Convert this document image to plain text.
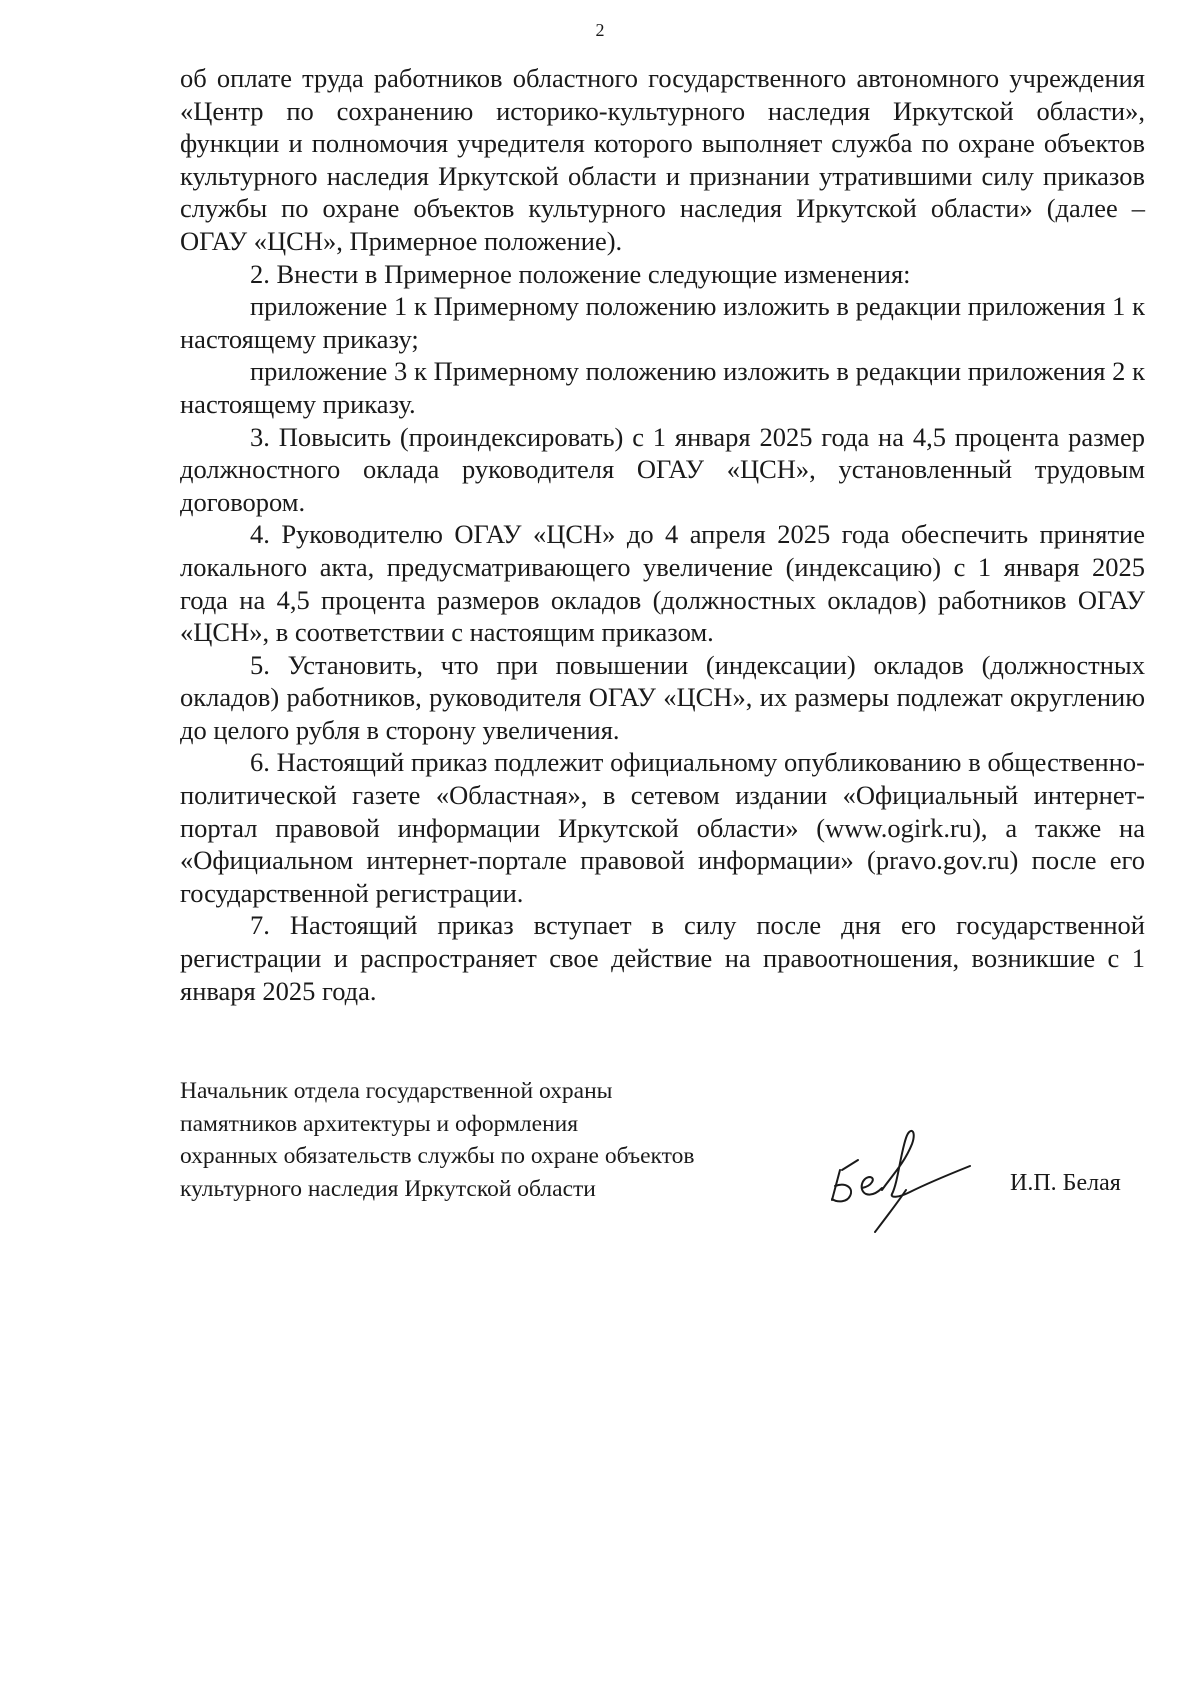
2

об оплате труда работников областного государственного автономного учреждения «Центр по сохранению историко-культурного наследия Иркутской области», функции и полномочия учредителя которого выполняет служба по охране объектов культурного наследия Иркутской области и признании утратившими силу приказов службы по охране объектов культурного наследия Иркутской области» (далее – ОГАУ «ЦСН», Примерное положение).

2. Внести в Примерное положение следующие изменения:

приложение 1 к Примерному положению изложить в редакции приложения 1 к настоящему приказу;

приложение 3 к Примерному положению изложить в редакции приложения 2 к настоящему приказу.

3. Повысить (проиндексировать) с 1 января 2025 года на 4,5 процента размер должностного оклада руководителя ОГАУ «ЦСН», установленный трудовым договором.

4. Руководителю ОГАУ «ЦСН» до 4 апреля 2025 года обеспечить принятие локального акта, предусматривающего увеличение (индексацию) с 1 января 2025 года на 4,5 процента размеров окладов (должностных окладов) работников ОГАУ «ЦСН», в соответствии с настоящим приказом.

5. Установить, что при повышении (индексации) окладов (должностных окладов) работников, руководителя ОГАУ «ЦСН», их размеры подлежат округлению до целого рубля в сторону увеличения.

6. Настоящий приказ подлежит официальному опубликованию в общественно-политической газете «Областная», в сетевом издании «Официальный интернет-портал правовой информации Иркутской области» (www.ogirk.ru), а также на «Официальном интернет-портале правовой информации» (pravo.gov.ru) после его государственной регистрации.

7. Настоящий приказ вступает в силу после дня его государственной регистрации и распространяет свое действие на правоотношения, возникшие с 1 января 2025 года.

Начальник отдела государственной охраны
памятников архитектуры и оформления
охранных обязательств службы по охране объектов
культурного наследия Иркутской области	И.П. Белая
